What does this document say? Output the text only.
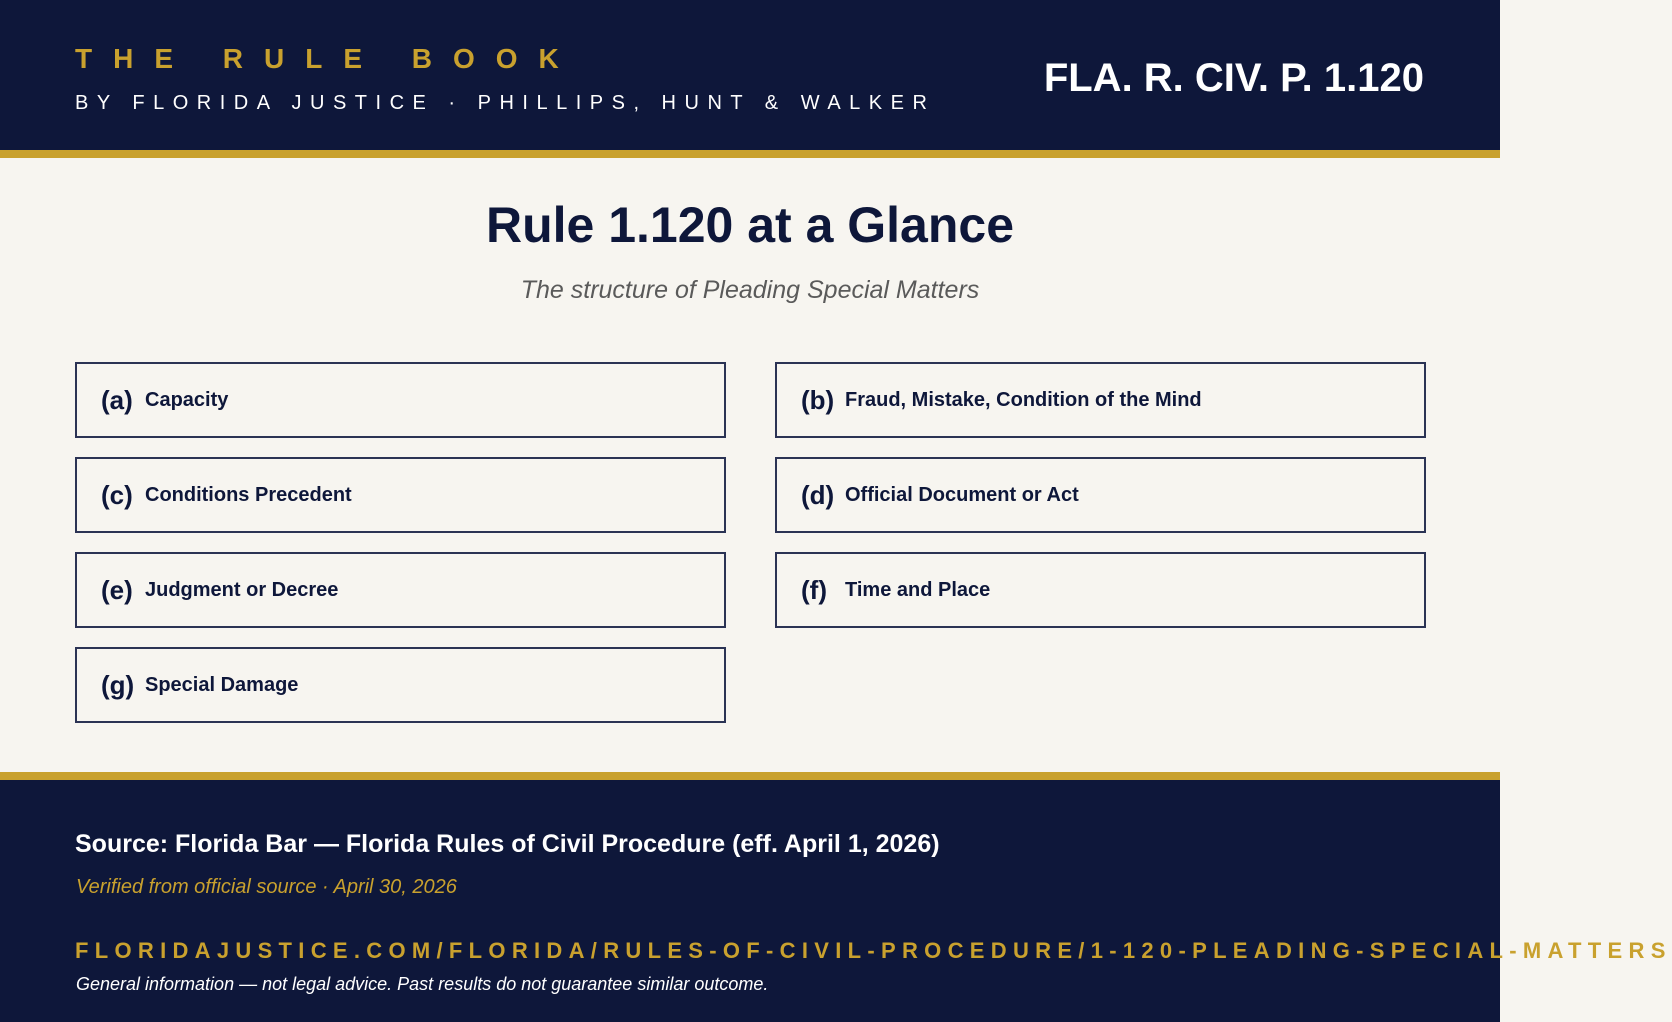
THE RULE BOOK
BY FLORIDA JUSTICE · PHILLIPS, HUNT & WALKER
FLA. R. CIV. P. 1.120
Rule 1.120 at a Glance
The structure of Pleading Special Matters
(a) Capacity	(b) Fraud, Mistake, Condition of the Mind
(c) Conditions Precedent	(d) Official Document or Act
(e) Judgment or Decree	(f) Time and Place
(g) Special Damage
Source: Florida Bar — Florida Rules of Civil Procedure (eff. April 1, 2026)
Verified from official source · April 30, 2026
FLORIDAJUSTICE.COM/FLORIDA/RULES-OF-CIVIL-PROCEDURE/1-120-PLEADING-SPECIAL-MATTERS
General information — not legal advice. Past results do not guarantee similar outcome.
